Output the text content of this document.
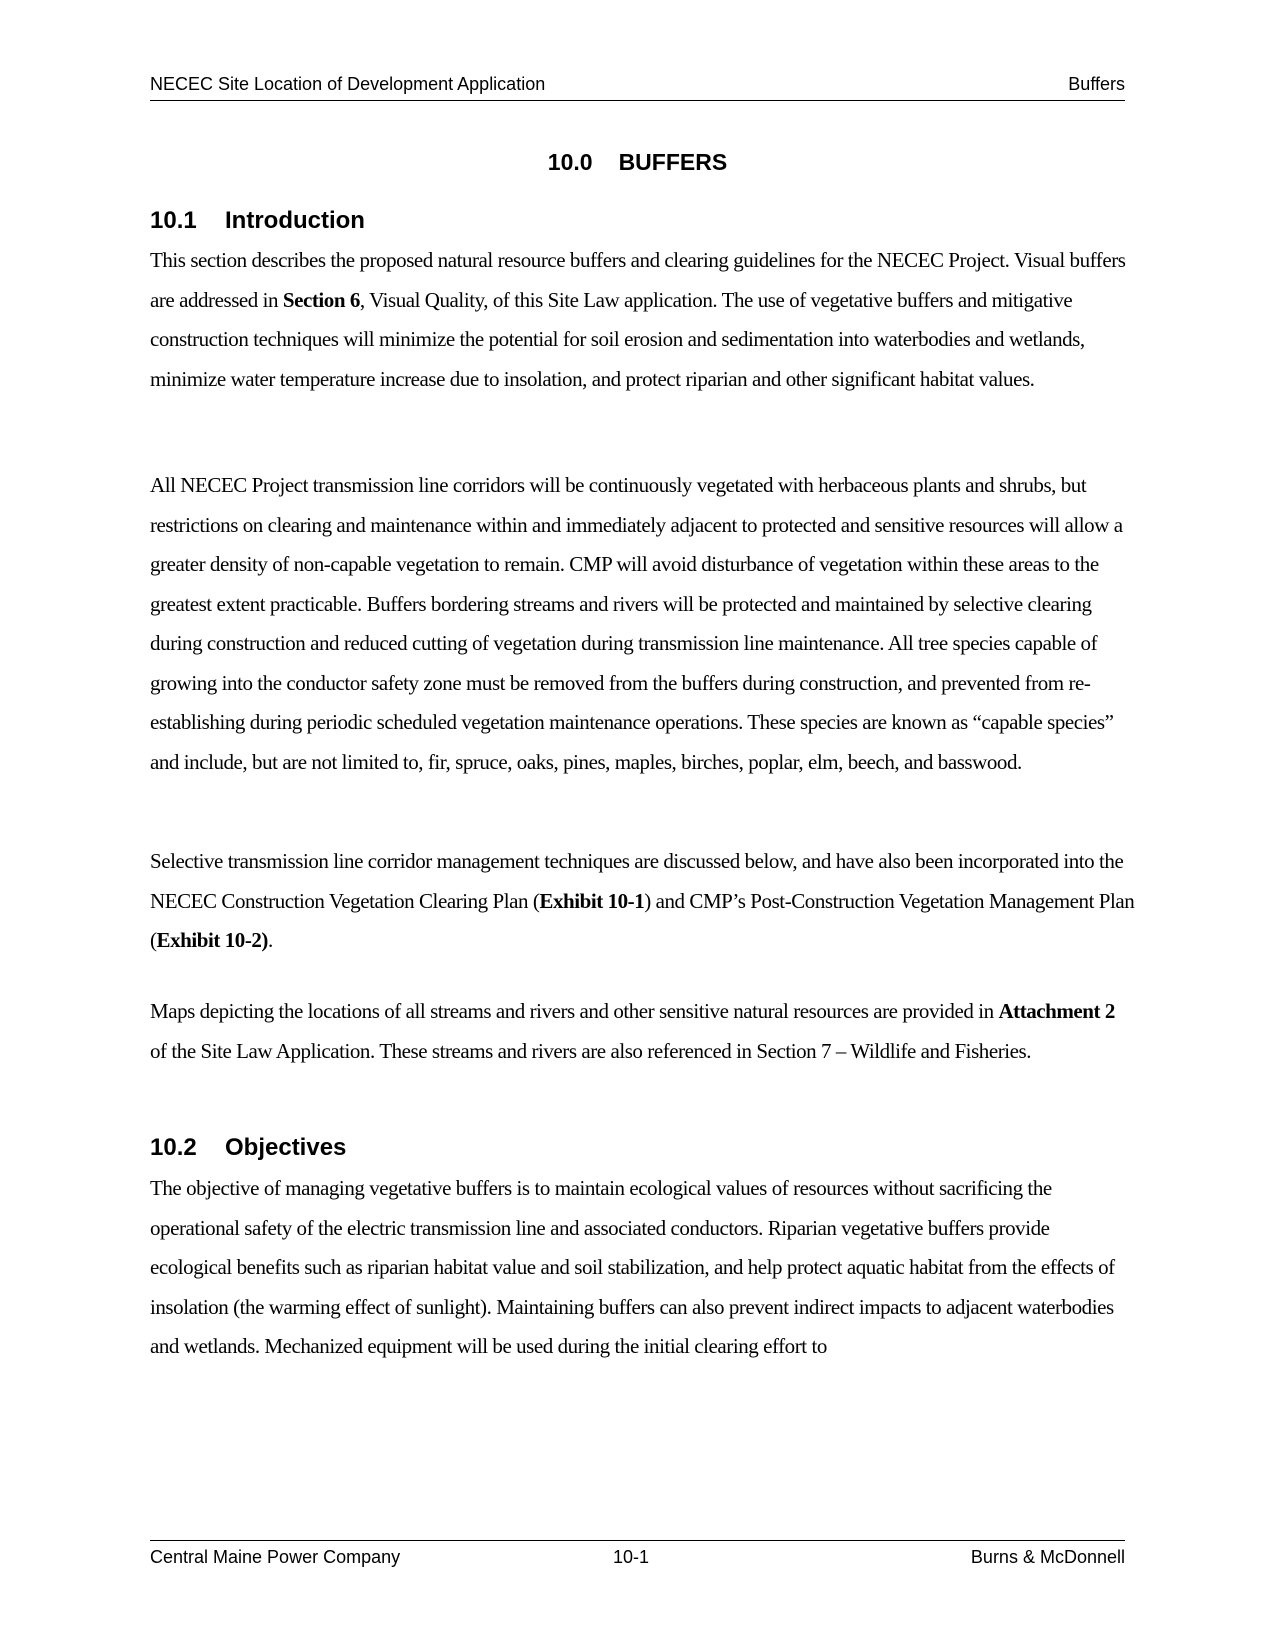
NECEC Site Location of Development Application	Buffers
10.0 BUFFERS
10.1 Introduction

This section describes the proposed natural resource buffers and clearing guidelines for the NECEC Project. Visual buffers are addressed in Section 6, Visual Quality, of this Site Law application. The use of vegetative buffers and mitigative construction techniques will minimize the potential for soil erosion and sedimentation into waterbodies and wetlands, minimize water temperature increase due to insolation, and protect riparian and other significant habitat values.

All NECEC Project transmission line corridors will be continuously vegetated with herbaceous plants and shrubs, but restrictions on clearing and maintenance within and immediately adjacent to protected and sensitive resources will allow a greater density of non-capable vegetation to remain. CMP will avoid disturbance of vegetation within these areas to the greatest extent practicable. Buffers bordering streams and rivers will be protected and maintained by selective clearing during construction and reduced cutting of vegetation during transmission line maintenance. All tree species capable of growing into the conductor safety zone must be removed from the buffers during construction, and prevented from re-establishing during periodic scheduled vegetation maintenance operations. These species are known as “capable species” and include, but are not limited to, fir, spruce, oaks, pines, maples, birches, poplar, elm, beech, and basswood.

Selective transmission line corridor management techniques are discussed below, and have also been incorporated into the NECEC Construction Vegetation Clearing Plan (Exhibit 10-1) and CMP’s Post-Construction Vegetation Management Plan (Exhibit 10-2).

Maps depicting the locations of all streams and rivers and other sensitive natural resources are provided in Attachment 2 of the Site Law Application. These streams and rivers are also referenced in Section 7 – Wildlife and Fisheries.

10.2 Objectives

The objective of managing vegetative buffers is to maintain ecological values of resources without sacrificing the operational safety of the electric transmission line and associated conductors. Riparian vegetative buffers provide ecological benefits such as riparian habitat value and soil stabilization, and help protect aquatic habitat from the effects of insolation (the warming effect of sunlight). Maintaining buffers can also prevent indirect impacts to adjacent waterbodies and wetlands. Mechanized equipment will be used during the initial clearing effort to

Central Maine Power Company	10-1	Burns & McDonnell
